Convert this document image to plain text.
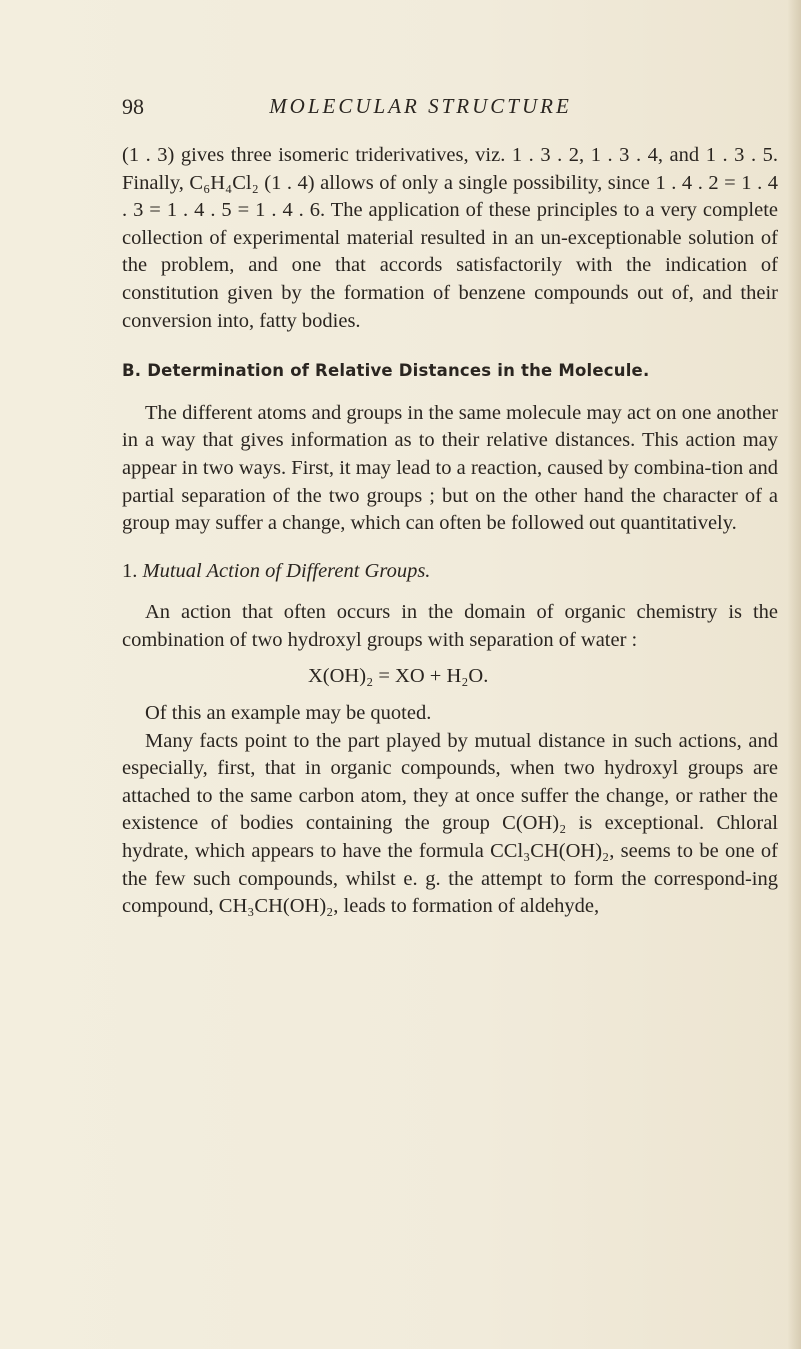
98	MOLECULAR STRUCTURE

(1 . 3) gives three isomeric triderivatives, viz. 1 . 3 . 2, 1 . 3 . 4, and 1 . 3 . 5. Finally, C₆H₄Cl₂ (1 . 4) allows of only a single possibility, since 1 . 4 . 2 = 1 . 4 . 3 = 1 . 4 . 5 = 1 . 4 . 6. The application of these principles to a very complete collection of experimental material resulted in an un-exceptionable solution of the problem, and one that accords satisfactorily with the indication of constitution given by the formation of benzene compounds out of, and their conversion into, fatty bodies.

B. Determination of Relative Distances in the Molecule.

The different atoms and groups in the same molecule may act on one another in a way that gives information as to their relative distances. This action may appear in two ways. First, it may lead to a reaction, caused by combina-tion and partial separation of the two groups ; but on the other hand the character of a group may suffer a change, which can often be followed out quantitatively.

1. Mutual Action of Different Groups.

An action that often occurs in the domain of organic chemistry is the combination of two hydroxyl groups with separation of water :

X(OH)₂ = XO + H₂O.

Of this an example may be quoted.

Many facts point to the part played by mutual distance in such actions, and especially, first, that in organic compounds, when two hydroxyl groups are attached to the same carbon atom, they at once suffer the change, or rather the existence of bodies containing the group C(OH)₂ is exceptional. Chloral hydrate, which appears to have the formula CCl₃CH(OH)₂, seems to be one of the few such compounds, whilst e. g. the attempt to form the correspond-ing compound, CH₃CH(OH)₂, leads to formation of aldehyde,
